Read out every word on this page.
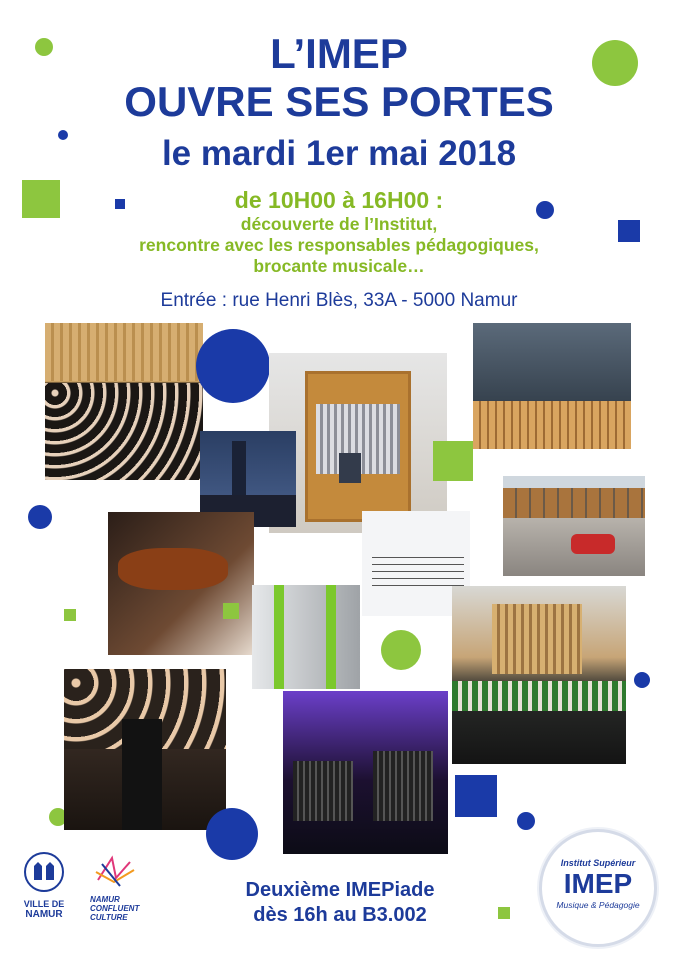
L’IMEP
OUVRE SES PORTES
le mardi 1er mai 2018
de 10H00 à 16H00 :
découverte de l’Institut,
rencontre avec les responsables pédagogiques,
brocante musicale…
Entrée : rue Henri Blès, 33A - 5000 Namur
Deuxième IMEPiade
dès 16h au B3.002
VILLE DE
NAMUR
NAMUR
CONFLUENT
CULTURE
Institut Supérieur
IMEP
Musique & Pédagogie
